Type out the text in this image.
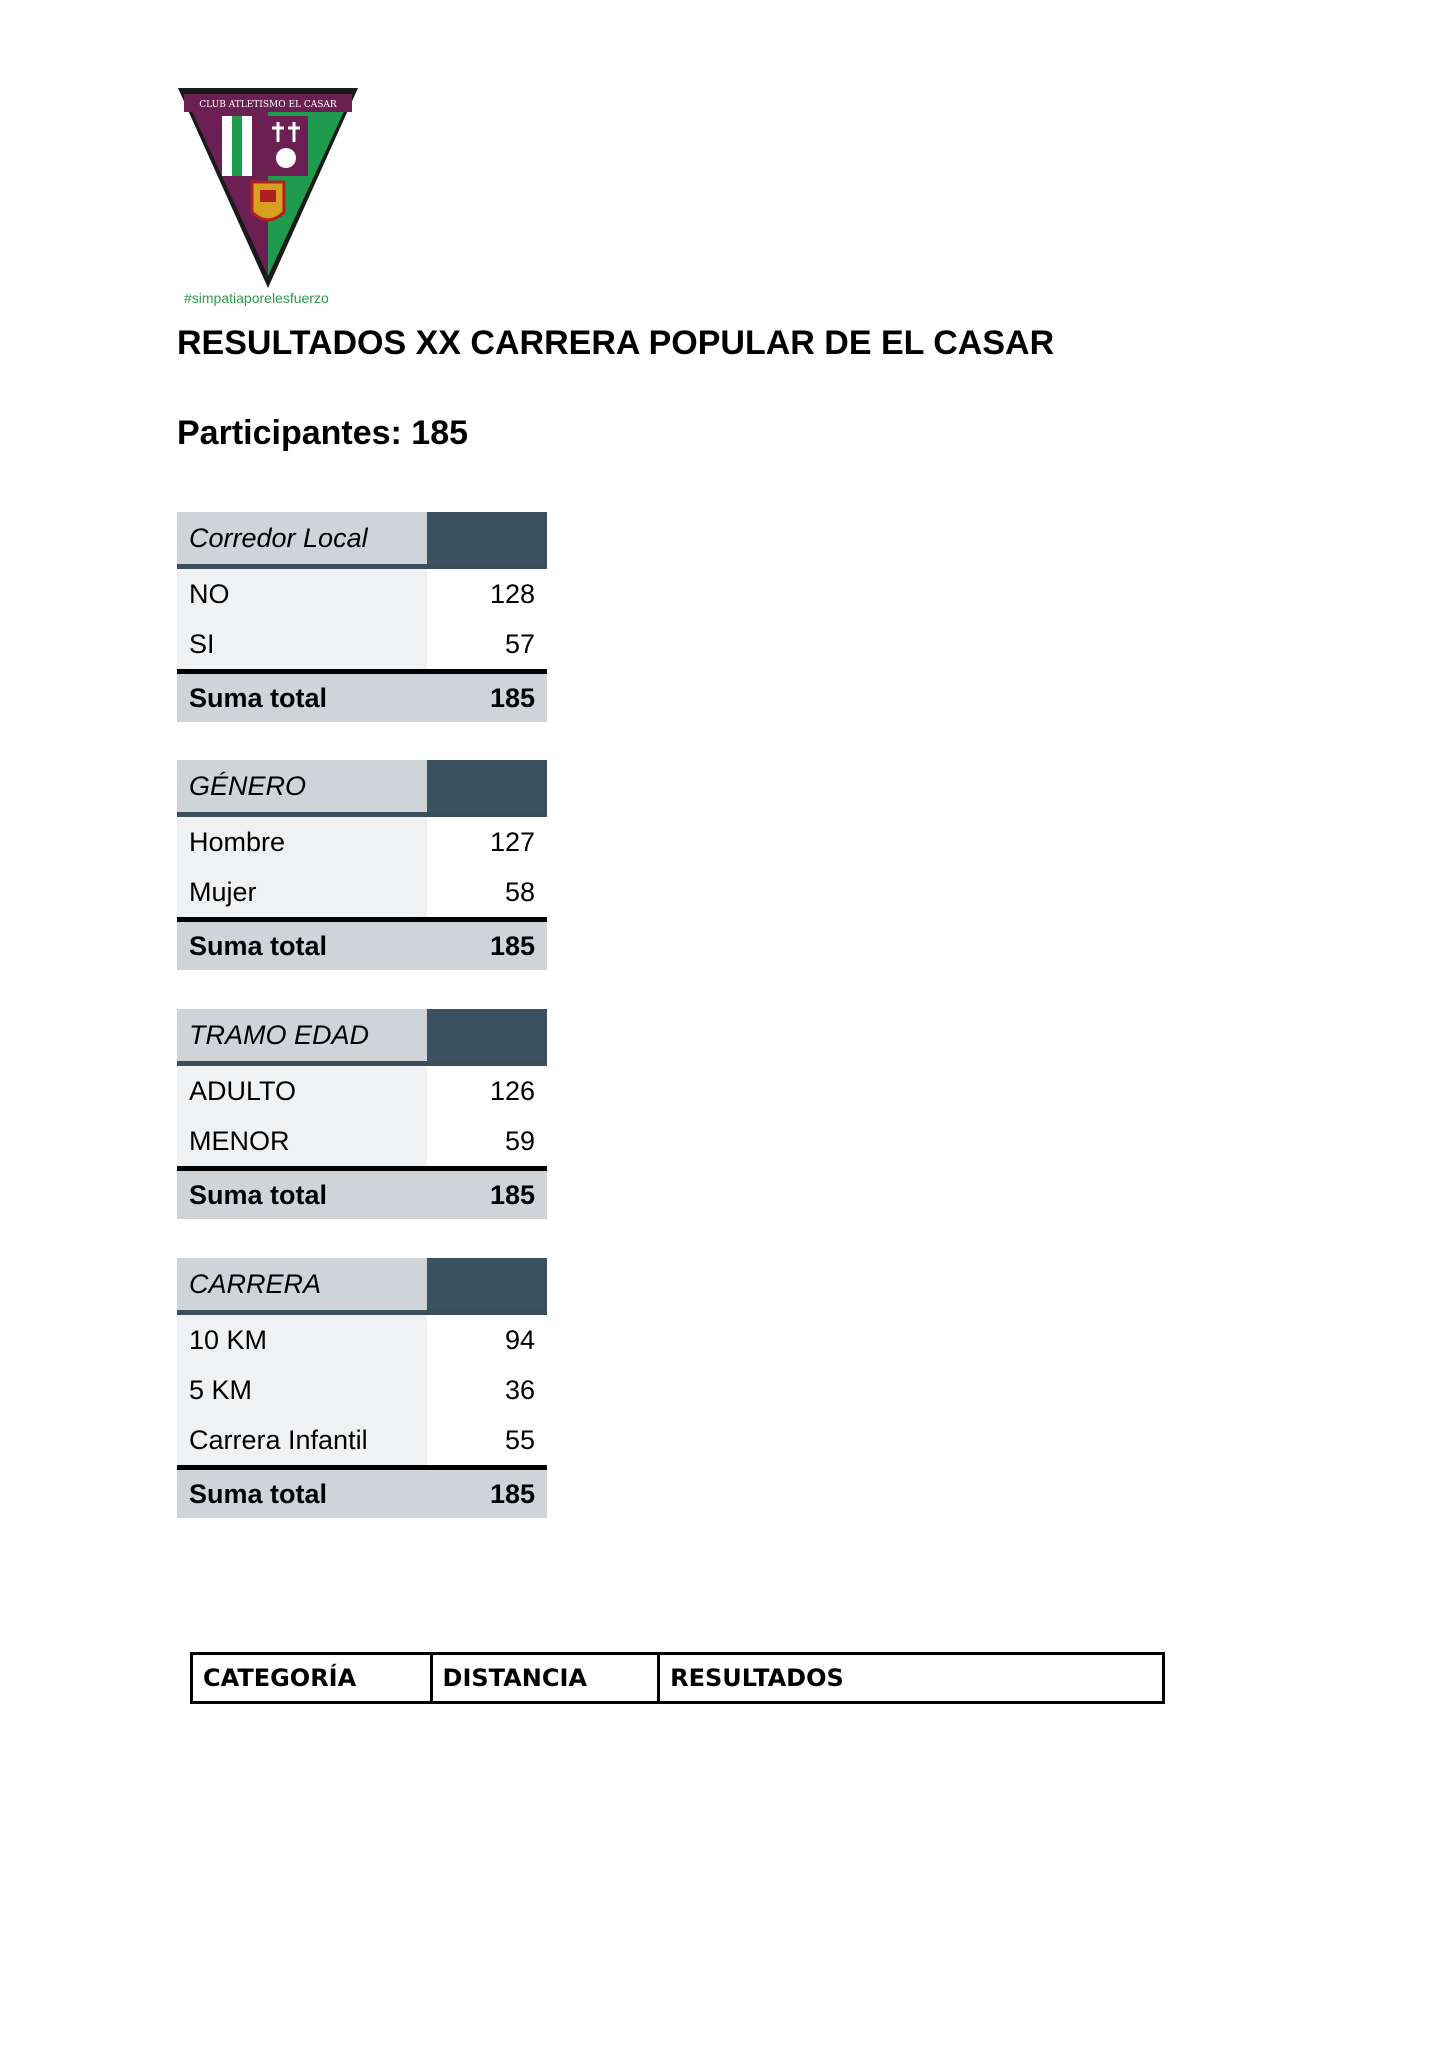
CLUB ATLETISMO EL CASAR
#simpatiaporelesfuerzo
RESULTADOS XX CARRERA POPULAR DE EL CASAR
Participantes: 185
Corredor Local	
NO	128
SI	57
Suma total	185
GÉNERO	
Hombre	127
Mujer	58
Suma total	185
TRAMO EDAD	
ADULTO	126
MENOR	59
Suma total	185
CARRERA	
10 KM	94
5 KM	36
Carrera Infantil	55
Suma total	185
CATEGORÍA	DISTANCIA	RESULTADOS
